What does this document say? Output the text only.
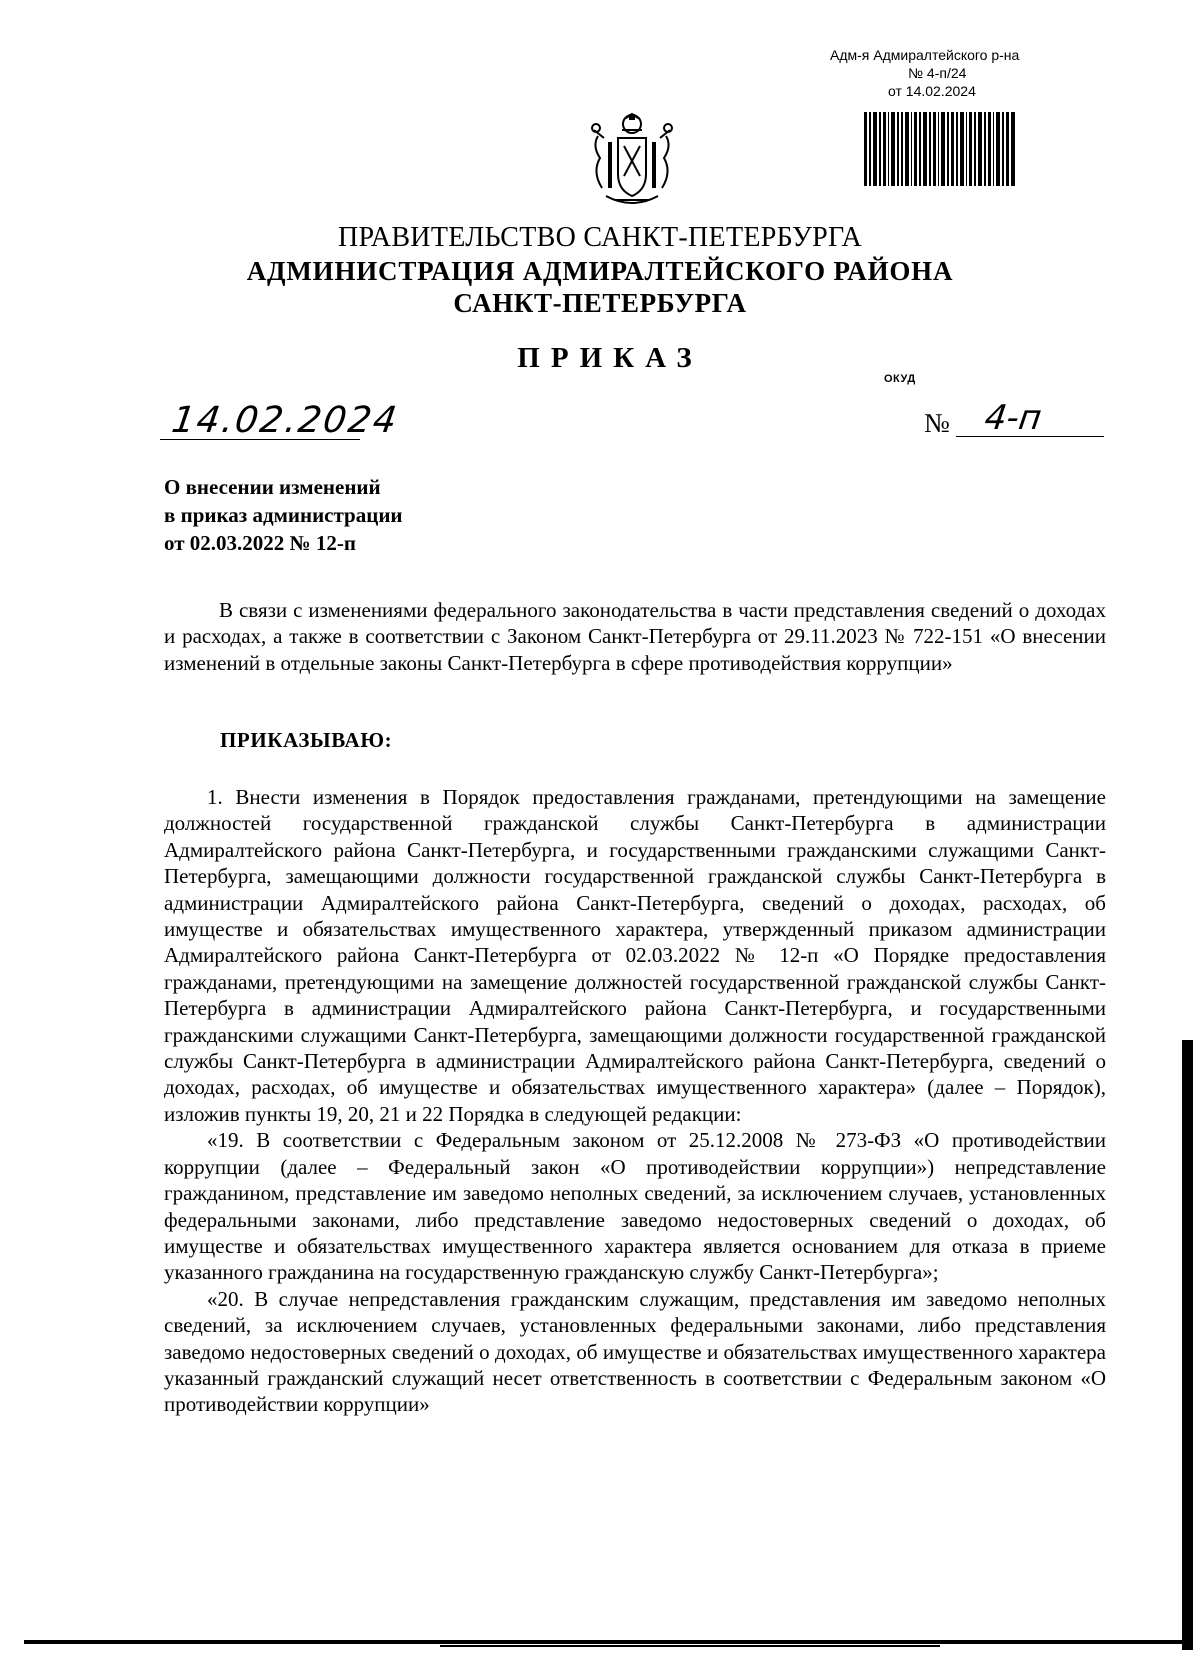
Адм-я Адмиралтейского р-на
№ 4-п/24
от 14.02.2024
ПРАВИТЕЛЬСТВО САНКТ-ПЕТЕРБУРГА
АДМИНИСТРАЦИЯ АДМИРАЛТЕЙСКОГО РАЙОНА
САНКТ-ПЕТЕРБУРГА
ПРИКАЗ
ОКУД
14.02.2024	№ 4-п
О внесении изменений
в приказ администрации
от 02.03.2022 № 12-п

В связи с изменениями федерального законодательства в части представления сведений о доходах и расходах, а также в соответствии с Законом Санкт-Петербурга от 29.11.2023 № 722-151 «О внесении изменений в отдельные законы Санкт-Петербурга в сфере противодействия коррупции»

ПРИКАЗЫВАЮ:

1. Внести изменения в Порядок предоставления гражданами, претендующими на замещение должностей государственной гражданской службы Санкт-Петербурга в администрации Адмиралтейского района Санкт-Петербурга, и государственными гражданскими служащими Санкт-Петербурга, замещающими должности государственной гражданской службы Санкт-Петербурга в администрации Адмиралтейского района Санкт-Петербурга, сведений о доходах, расходах, об имуществе и обязательствах имущественного характера, утвержденный приказом администрации Адмиралтейского района Санкт-Петербурга от 02.03.2022 № 12-п «О Порядке предоставления гражданами, претендующими на замещение должностей государственной гражданской службы Санкт-Петербурга в администрации Адмиралтейского района Санкт-Петербурга, и государственными гражданскими служащими Санкт-Петербурга, замещающими должности государственной гражданской службы Санкт-Петербурга в администрации Адмиралтейского района Санкт-Петербурга, сведений о доходах, расходах, об имуществе и обязательствах имущественного характера» (далее – Порядок), изложив пункты 19, 20, 21 и 22 Порядка в следующей редакции:

«19. В соответствии с Федеральным законом от 25.12.2008 № 273-ФЗ «О противодействии коррупции (далее – Федеральный закон «О противодействии коррупции») непредставление гражданином, представление им заведомо неполных сведений, за исключением случаев, установленных федеральными законами, либо представление заведомо недостоверных сведений о доходах, об имуществе и обязательствах имущественного характера является основанием для отказа в приеме указанного гражданина на государственную гражданскую службу Санкт-Петербурга»;

«20. В случае непредставления гражданским служащим, представления им заведомо неполных сведений, за исключением случаев, установленных федеральными законами, либо представления заведомо недостоверных сведений о доходах, об имуществе и обязательствах имущественного характера указанный гражданский служащий несет ответственность в соответствии с Федеральным законом «О противодействии коррупции»
